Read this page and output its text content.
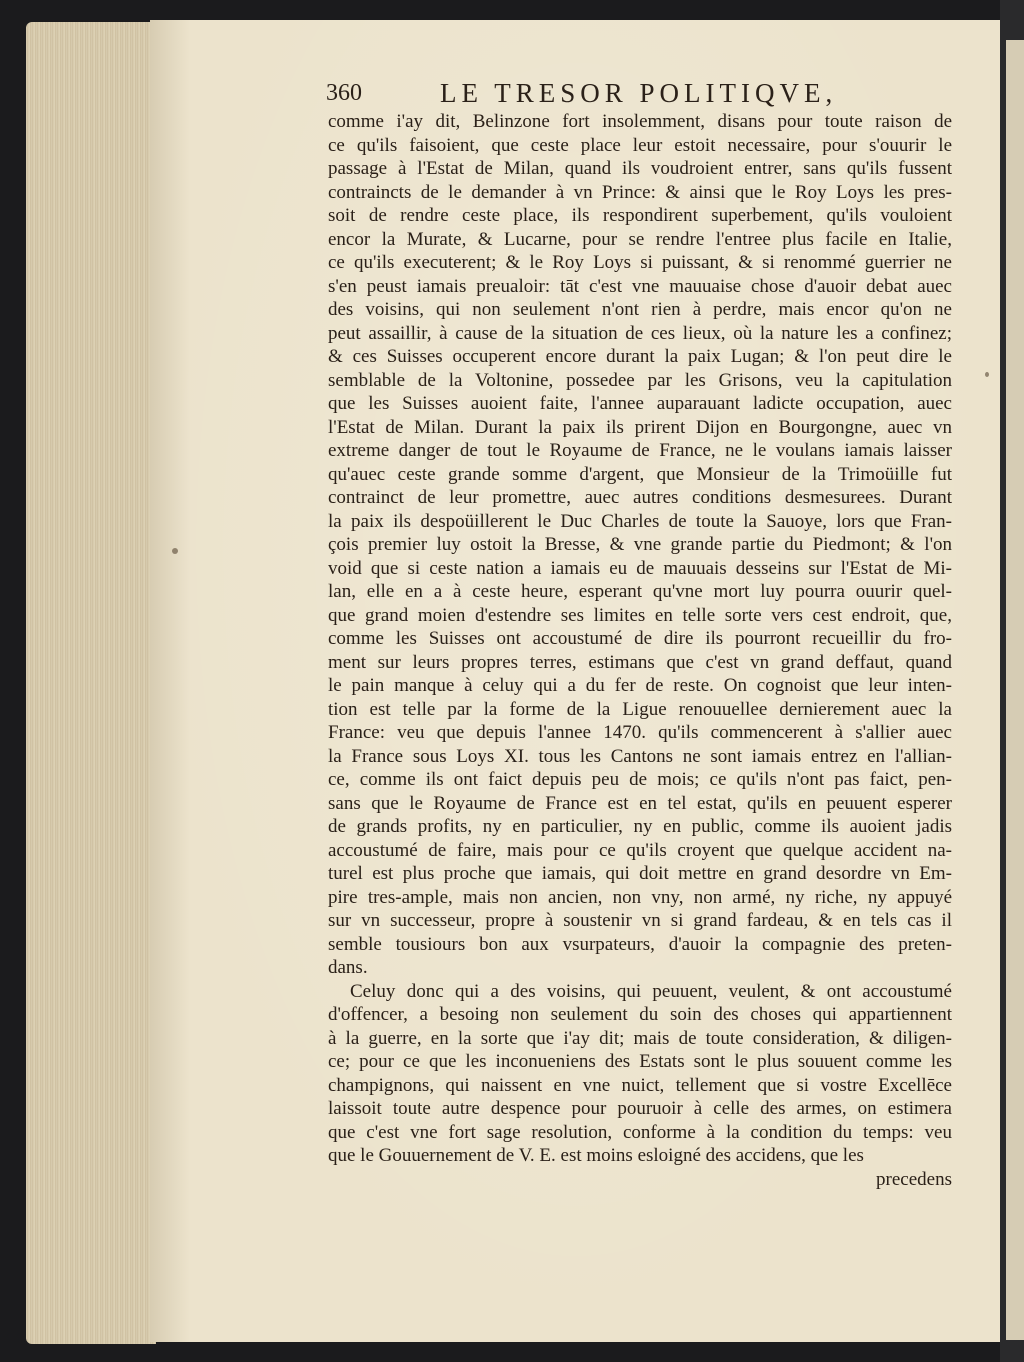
360	LE TRESOR POLITIQVE,
comme i'ay dit, Belinzone fort insolemment, disans pour toute raison de
ce qu'ils faisoient, que ceste place leur estoit necessaire, pour s'ouurir le
passage à l'Estat de Milan, quand ils voudroient entrer, sans qu'ils fussent
contraincts de le demander à vn Prince: & ainsi que le Roy Loys les pres-
soit de rendre ceste place, ils respondirent superbement, qu'ils vouloient
encor la Murate, & Lucarne, pour se rendre l'entree plus facile en Italie,
ce qu'ils executerent; & le Roy Loys si puissant, & si renommé guerrier ne
s'en peust iamais preualoir: tāt c'est vne mauuaise chose d'auoir debat auec
des voisins, qui non seulement n'ont rien à perdre, mais encor qu'on ne
peut assaillir, à cause de la situation de ces lieux, où la nature les a confinez;
& ces Suisses occuperent encore durant la paix Lugan; & l'on peut dire le
semblable de la Voltonine, possedee par les Grisons, veu la capitulation
que les Suisses auoient faite, l'annee auparauant ladicte occupation, auec
l'Estat de Milan. Durant la paix ils prirent Dijon en Bourgongne, auec vn
extreme danger de tout le Royaume de France, ne le voulans iamais laisser
qu'auec ceste grande somme d'argent, que Monsieur de la Trimoüille fut
contrainct de leur promettre, auec autres conditions desmesurees. Durant
la paix ils despoüillerent le Duc Charles de toute la Sauoye, lors que Fran-
çois premier luy ostoit la Bresse, & vne grande partie du Piedmont; & l'on
void que si ceste nation a iamais eu de mauuais desseins sur l'Estat de Mi-
lan, elle en a à ceste heure, esperant qu'vne mort luy pourra ouurir quel-
que grand moien d'estendre ses limites en telle sorte vers cest endroit, que,
comme les Suisses ont accoustumé de dire ils pourront recueillir du fro-
ment sur leurs propres terres, estimans que c'est vn grand deffaut, quand
le pain manque à celuy qui a du fer de reste. On cognoist que leur inten-
tion est telle par la forme de la Ligue renouuellee dernierement auec la
France: veu que depuis l'annee 1470. qu'ils commencerent à s'allier auec
la France sous Loys XI. tous les Cantons ne sont iamais entrez en l'allian-
ce, comme ils ont faict depuis peu de mois; ce qu'ils n'ont pas faict, pen-
sans que le Royaume de France est en tel estat, qu'ils en peuuent esperer
de grands profits, ny en particulier, ny en public, comme ils auoient jadis
accoustumé de faire, mais pour ce qu'ils croyent que quelque accident na-
turel est plus proche que iamais, qui doit mettre en grand desordre vn Em-
pire tres-ample, mais non ancien, non vny, non armé, ny riche, ny appuyé
sur vn successeur, propre à soustenir vn si grand fardeau, & en tels cas il
semble tousiours bon aux vsurpateurs, d'auoir la compagnie des preten-
dans.
Celuy donc qui a des voisins, qui peuuent, veulent, & ont accoustumé
d'offencer, a besoing non seulement du soin des choses qui appartiennent
à la guerre, en la sorte que i'ay dit; mais de toute consideration, & diligen-
ce; pour ce que les inconueniens des Estats sont le plus souuent comme les
champignons, qui naissent en vne nuict, tellement que si vostre Excellēce
laissoit toute autre despence pour pouruoir à celle des armes, on estimera
que c'est vne fort sage resolution, conforme à la condition du temps: veu
que le Gouuernement de V. E. est moins esloigné des accidens, que les
precedens
